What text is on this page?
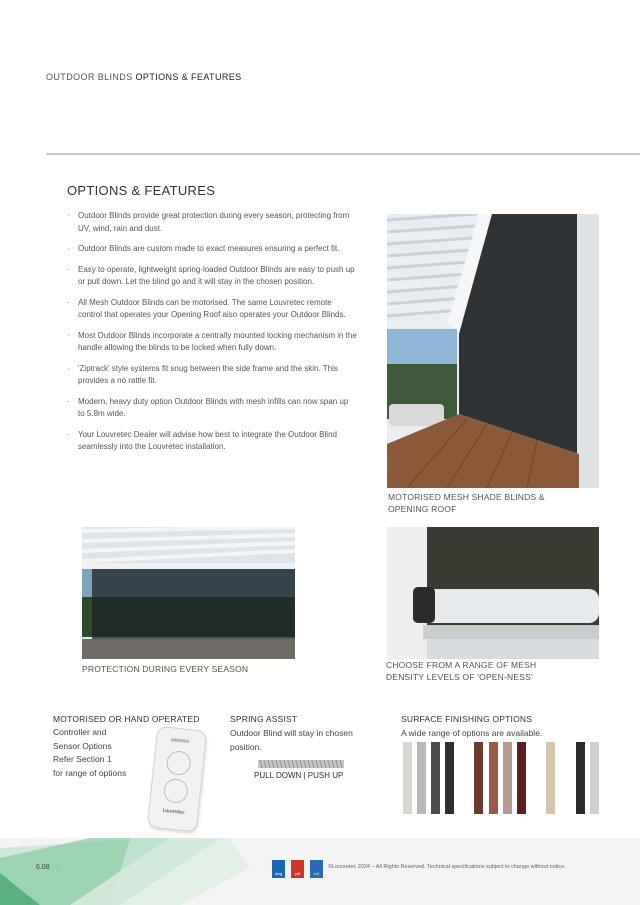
OUTDOOR BLINDS OPTIONS & FEATURES
OPTIONS & FEATURES
· Outdoor Blinds provide great protection during every season, protecting from UV, wind, rain and dust.
· Outdoor Blinds are custom made to exact measures ensuring a perfect fit.
· Easy to operate, lightweight spring-loaded Outdoor Blinds are easy to push up or pull down. Let the blind go and it will stay in the chosen position.
· All Mesh Outdoor Blinds can be motorised. The same Louvretec remote control that operates your Opening Roof also operates your Outdoor Blinds.
· Most Outdoor Blinds incorporate a centrally mounted locking mechanism in the handle allowing the blinds to be locked when fully down.
· 'Ziptrack' style systems fit snug between the side frame and the skin. This provides a no rattle fit.
· Modern, heavy duty option Outdoor Blinds with mesh infills can now span up to 5.8m wide.
· Your Louvretec Dealer will advise how best to integrate the Outdoor Blind seamlessly into the Louvretec installation.
MOTORISED MESH SHADE BLINDS &
OPENING ROOF
PROTECTION DURING EVERY SEASON	CHOOSE FROM A RANGE OF MESH
DENSITY LEVELS OF 'OPEN-NESS'
MOTORISED OR HAND OPERATED
Controller and
Sensor Options
Refer Section 1
for range of options
Louvretec
SPRING ASSIST
Outdoor Blind will stay in chosen
position.
PULL DOWN | PUSH UP
SURFACE FINISHING OPTIONS
A wide range of options are available.
6.08 |
dwg	pdf	rvt
©Louvretec 2024 – All Rights Reserved. Technical specifications subject to change without notice.
